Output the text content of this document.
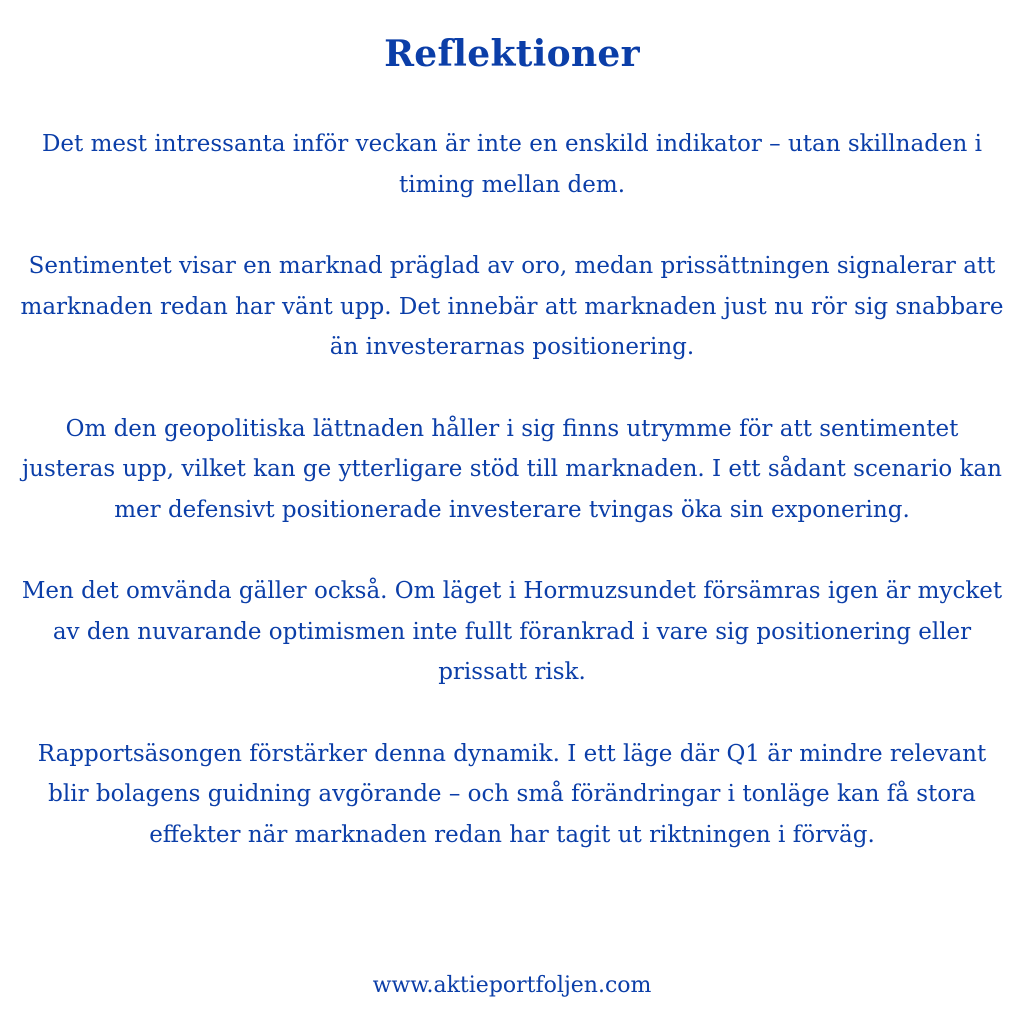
Reflektioner

Det mest intressanta inför veckan är inte en enskild indikator – utan skillnaden i timing mellan dem.

Sentimentet visar en marknad präglad av oro, medan prissättningen signalerar att marknaden redan har vänt upp. Det innebär att marknaden just nu rör sig snabbare än investerarnas positionering.

Om den geopolitiska lättnaden håller i sig finns utrymme för att sentimentet justeras upp, vilket kan ge ytterligare stöd till marknaden. I ett sådant scenario kan mer defensivt positionerade investerare tvingas öka sin exponering.

Men det omvända gäller också. Om läget i Hormuzsundet försämras igen är mycket av den nuvarande optimismen inte fullt förankrad i vare sig positionering eller prissatt risk.

Rapportsäsongen förstärker denna dynamik. I ett läge där Q1 är mindre relevant blir bolagens guidning avgörande – och små förändringar i tonläge kan få stora effekter när marknaden redan har tagit ut riktningen i förväg.

www.aktieportfoljen.com
